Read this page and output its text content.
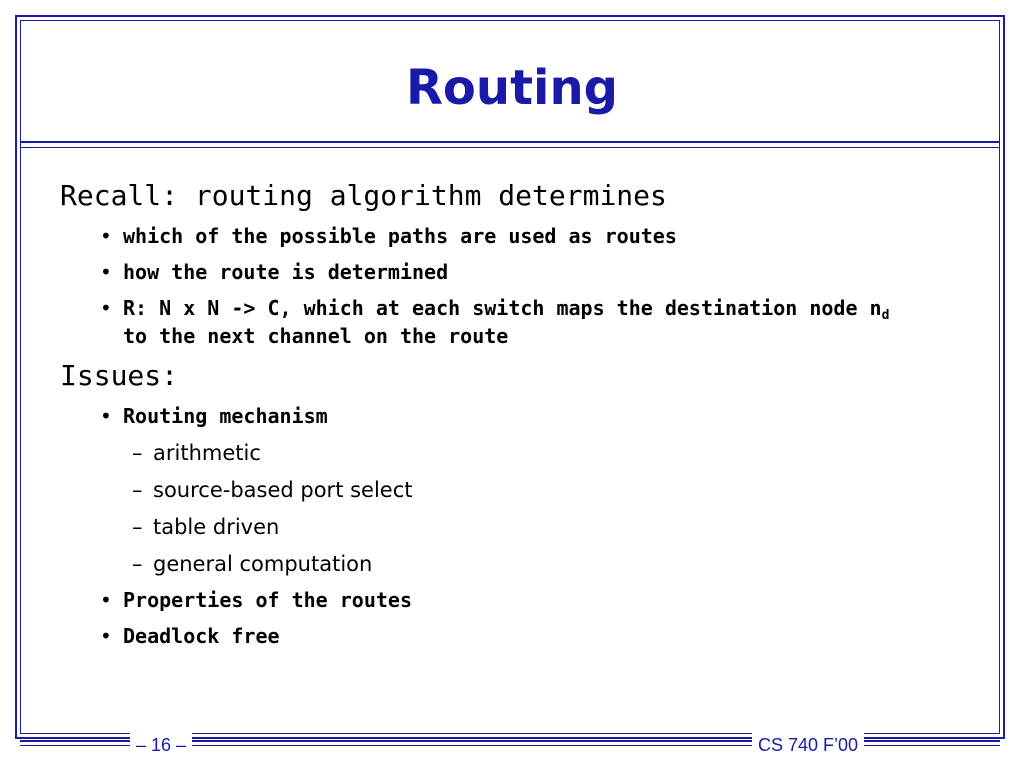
Routing
Recall: routing algorithm determines
• which of the possible paths are used as routes
• how the route is determined
• R: N x N -> C, which at each switch maps the destination node $n_d$
to the next channel on the route
Issues:
• Routing mechanism
– arithmetic
– source-based port select
– table driven
– general computation
• Properties of the routes
• Deadlock free
– 16 –	CS 740 F’00
